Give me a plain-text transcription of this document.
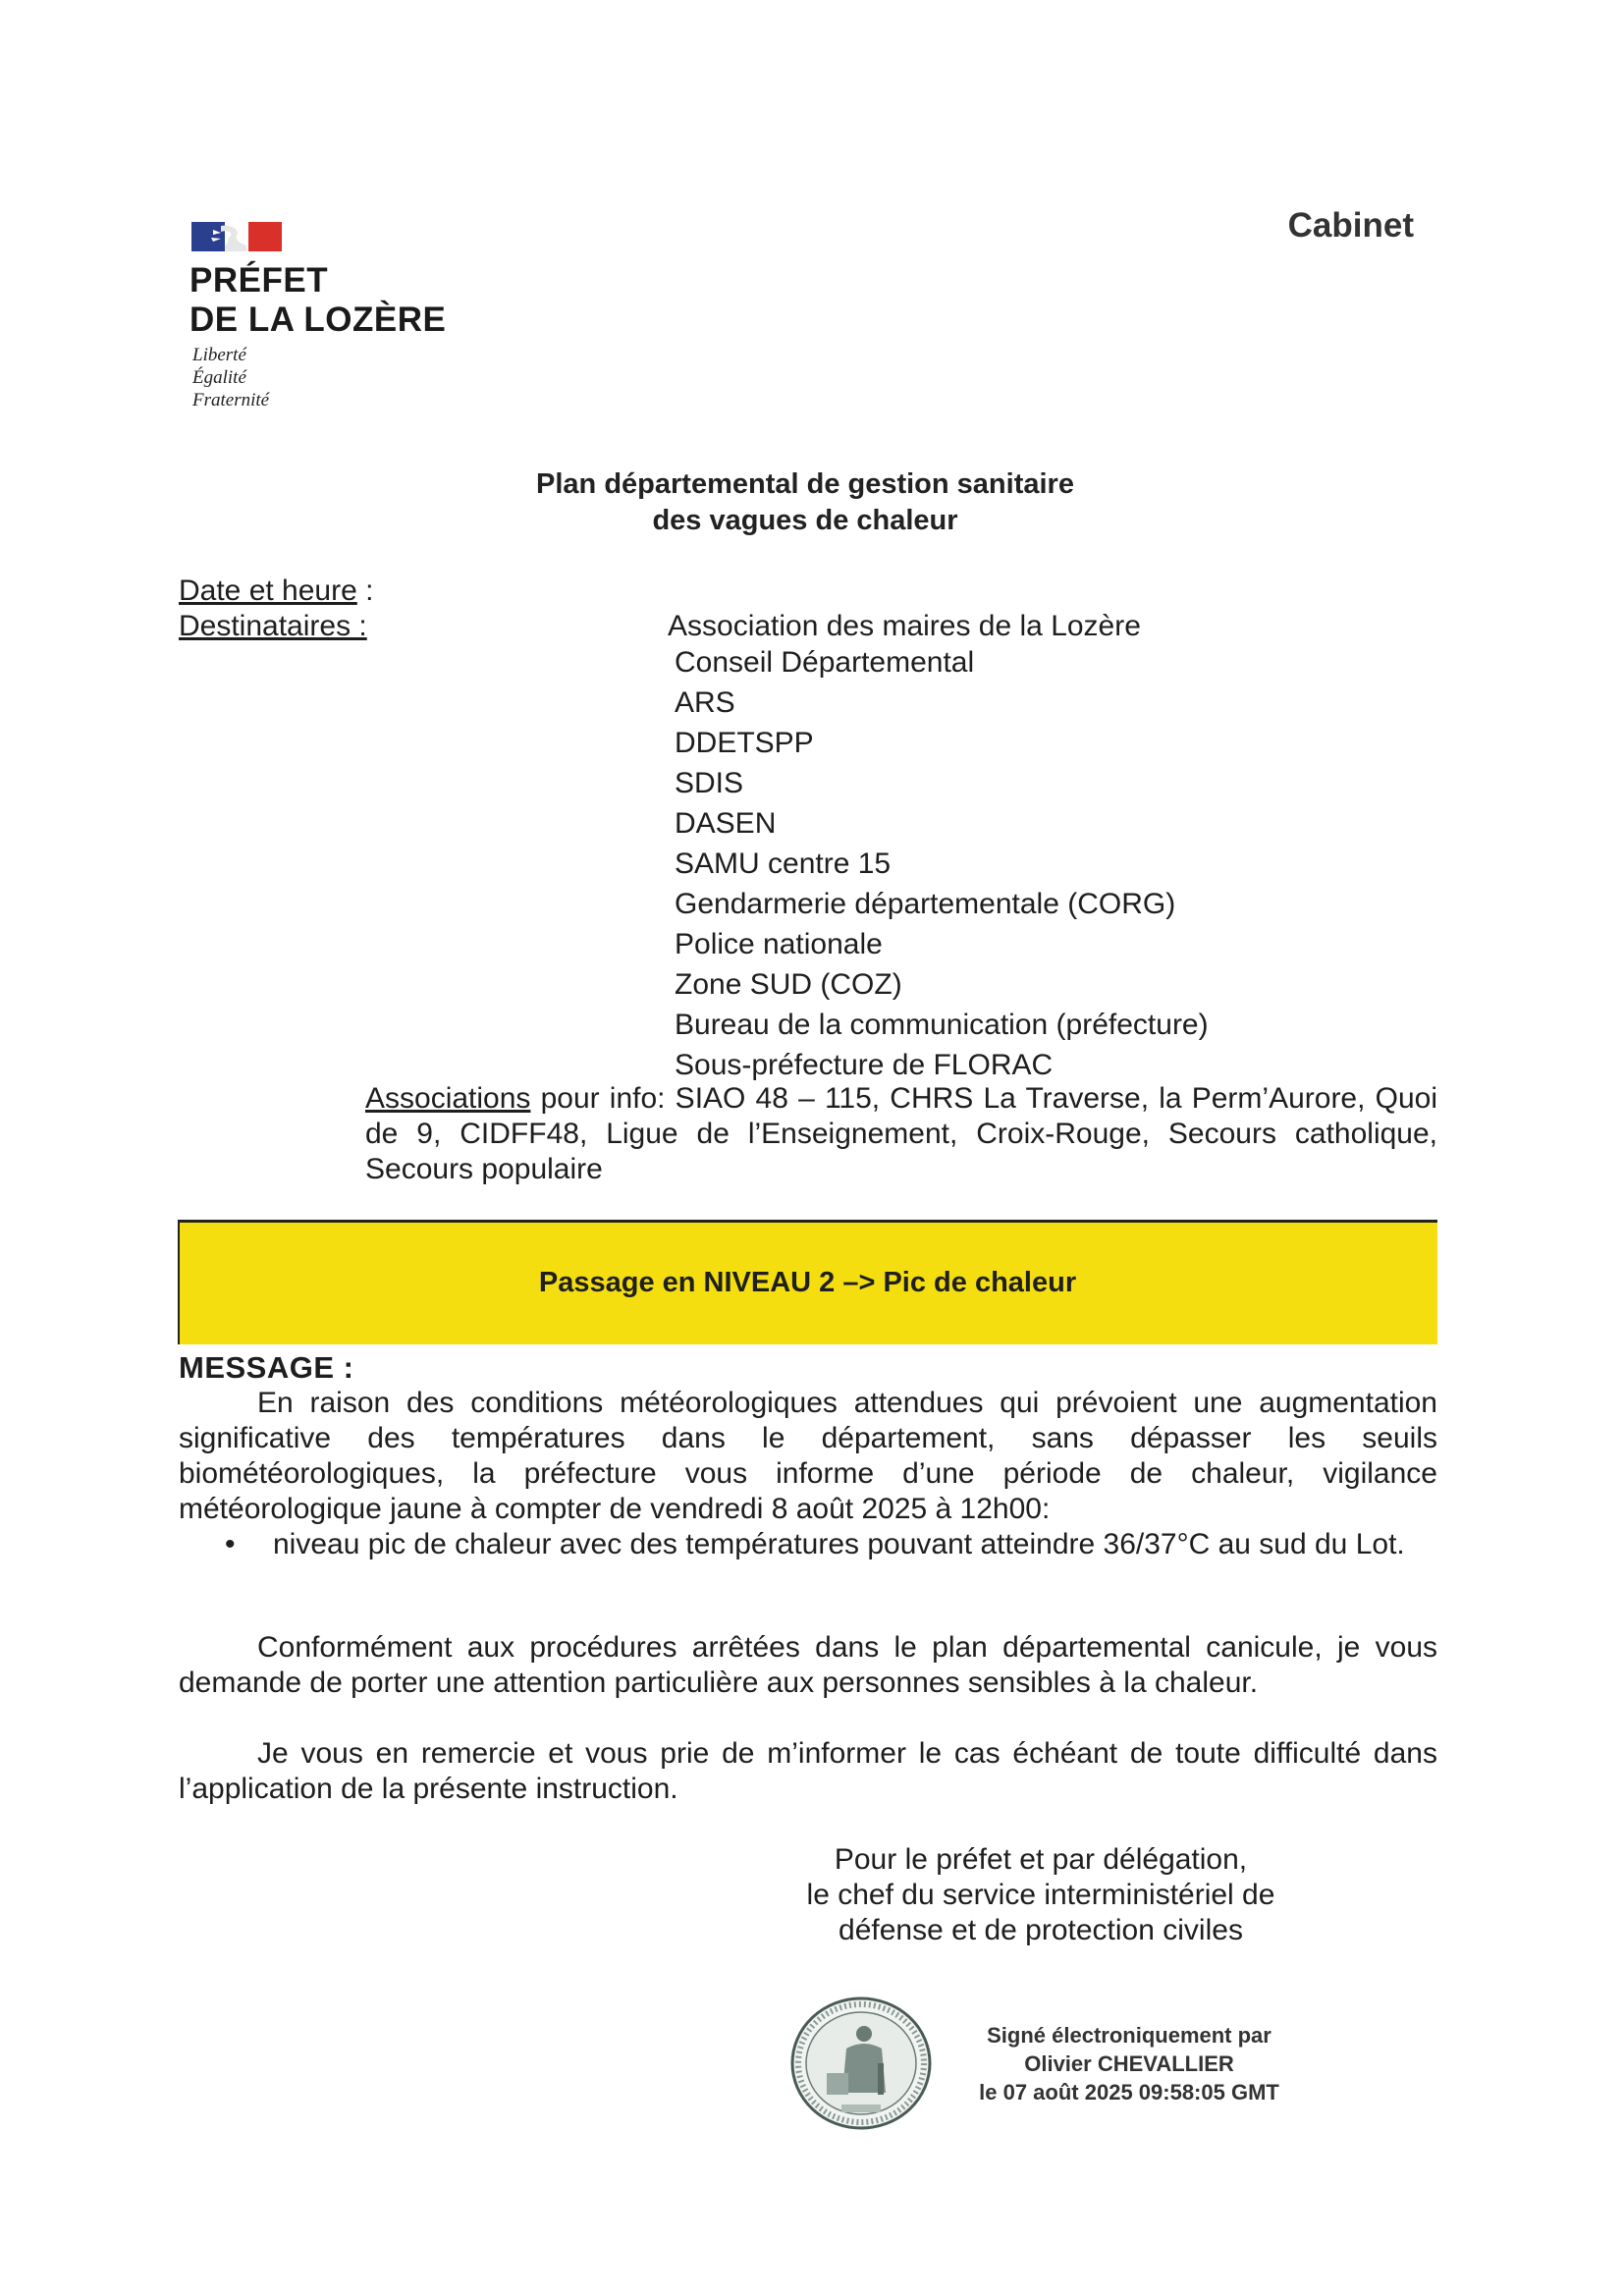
PRÉFET
DE LA LOZÈRE
Liberté
Égalité
Fraternité
Cabinet
Plan départemental de gestion sanitaire
des vagues de chaleur
Date et heure :
Destinataires :	Association des maires de la Lozère
Conseil Départemental
ARS
DDETSPP
SDIS
DASEN
SAMU centre 15
Gendarmerie départementale (CORG)
Police nationale
Zone SUD (COZ)
Bureau de la communication (préfecture)
Sous-préfecture de FLORAC
Associations pour info: SIAO 48 – 115, CHRS La Traverse, la Perm’Aurore, Quoi de 9, CIDFF48, Ligue de l’Enseignement, Croix-Rouge, Secours catholique, Secours populaire
Passage en NIVEAU 2 –> Pic de chaleur
MESSAGE :
En raison des conditions météorologiques attendues qui prévoient une augmentation significative des températures dans le département, sans dépasser les seuils biométéorologiques, la préfecture vous informe d’une période de chaleur, vigilance météorologique jaune à compter de vendredi 8 août 2025 à 12h00:
• niveau pic de chaleur avec des températures pouvant atteindre 36/37°C au sud du Lot.
Conformément aux procédures arrêtées dans le plan départemental canicule, je vous demande de porter une attention particulière aux personnes sensibles à la chaleur.
Je vous en remercie et vous prie de m’informer le cas échéant de toute difficulté dans l’application de la présente instruction.
Pour le préfet et par délégation,
le chef du service interministériel de
défense et de protection civiles
Signé électroniquement par
Olivier CHEVALLIER
le 07 août 2025 09:58:05 GMT
